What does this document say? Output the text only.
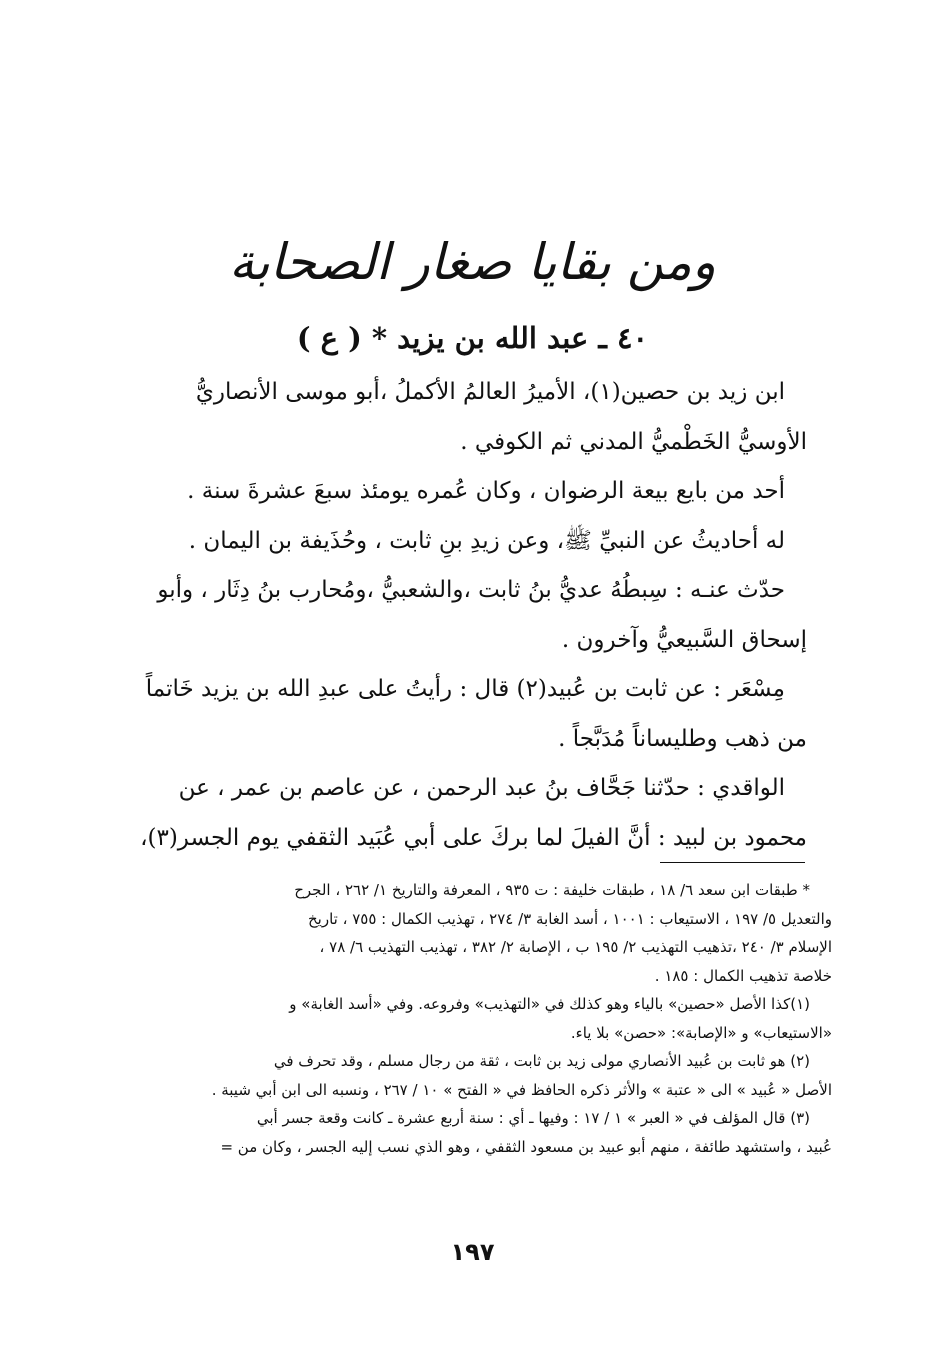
ومن بقايا صغار الصحابة
٤٠ ـ عبد الله بن يزيد * ( ع )

ابن زيد بن حصين(١)، الأميرُ العالمُ الأكملُ ،أبو موسى الأنصاريُّ

الأوسيُّ الخَطْميُّ المدني ثم الكوفي .

أحد من بايع بيعة الرضوان ، وكان عُمره يومئذ سبعَ عشرةَ سنة .

له أحاديثُ عن النبيِّ ﷺ، وعن زيدِ بنِ ثابت ، وحُذَيفة بن اليمان .

حدّث عنـه : سِبطُهُ عديُّ بنُ ثابت ،والشعبيُّ ،ومُحارب بنُ دِثَار ، وأبو

إسحاق السَّبيعيُّ وآخرون .

مِسْعَر : عن ثابت بن عُبيد(٢) قال : رأيتُ على عبدِ الله بن يزيد خَاتماً

من ذهب وطليساناً مُدَبَّجاً .

الواقدي : حدّثنا جَحَّاف بنُ عبد الرحمن ، عن عاصم بن عمر ، عن

محمود بن لبيد : أنَّ الفيلَ لما بركَ على أبي عُبَيد الثقفي يوم الجسر(٣)،

* طبقات ابن سعد ٦/ ١٨ ، طبقات خليفة : ت ٩٣٥ ، المعرفة والتاريخ ١/ ٢٦٢ ، الجرح

والتعديل ٥/ ١٩٧ ، الاستيعاب : ١٠٠١ ، أسد الغابة ٣/ ٢٧٤ ، تهذيب الكمال : ٧٥٥ ، تاريخ

الإسلام ٣/ ٢٤٠ ،تذهيب التهذيب ٢/ ١٩٥ ب ، الإصابة ٢/ ٣٨٢ ، تهذيب التهذيب ٦/ ٧٨ ،

خلاصة تذهيب الكمال : ١٨٥ .

(١)كذا الأصل «حصين» بالياء وهو كذلك في «التهذيب» وفروعه. وفي «أسد الغابة» و

«الاستيعاب» و «الإصابة»: «حصن» بلا ياء.

(٢) هو ثابت بن عُبيد الأنصاري مولى زيد بن ثابت ، ثقة من رجال مسلم ، وقد تحرف في

الأصل « عُبيد » الى « عتبة » والأثر ذكره الحافظ في « الفتح » ١٠ / ٢٦٧ ، ونسبه الى ابن أبي شيبة .

(٣) قال المؤلف في « العبر » ١ / ١٧ : وفيها ـ أي : سنة أربع عشرة ـ كانت وقعة جسر أبي

عُبيد ، واستشهد طائفة ، منهم أبو عبيد بن مسعود الثقفي ، وهو الذي نسب إليه الجسر ، وكان من =

١٩٧
